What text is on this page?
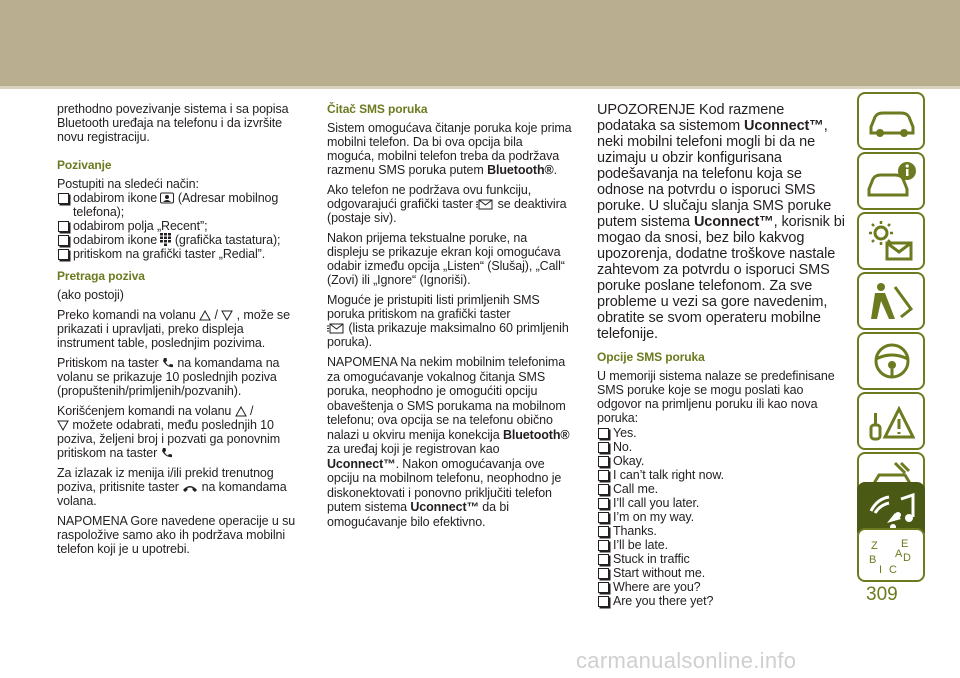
prethodno povezivanje sistema i sa popisa Bluetooth uređaja na telefonu i da izvršite novu registraciju.

Pozivanje

Postupiti na sledeći način:

odabirom ikone (Adresar mobilnog telefona);
odabirom polja „Recent”;
odabirom ikone (grafička tastatura);
pritiskom na grafički taster „Redial”.
Pretraga poziva

(ako postoji)

Preko komandi na volanu / , može se prikazati i upravljati, preko displeja instrument table, poslednjim pozivima.

Pritiskom na taster na komandama na volanu se prikazuje 10 poslednjih poziva (propuštenih/primljenih/pozvanih).

Korišćenjem komandi na volanu /
možete odabrati, među poslednjih 10 poziva, željeni broj i pozvati ga ponovnim pritiskom na taster

Za izlazak iz menija i/ili prekid trenutnog poziva, pritisnite taster na komandama volana.

NAPOMENA Gore navedene operacije u su raspoložive samo ako ih podržava mobilni telefon koji je u upotrebi.

Čitač SMS poruka

Sistem omogućava čitanje poruka koje prima mobilni telefon. Da bi ova opcija bila moguća, mobilni telefon treba da podržava razmenu SMS poruka putem Bluetooth®.

Ako telefon ne podržava ovu funkciju, odgovarajući grafički taster se deaktivira (postaje siv).

Nakon prijema tekstualne poruke, na displeju se prikazuje ekran koji omogućava odabir između opcija „Listen“ (Slušaj), „Call“ (Zovi) ili „Ignore“ (Ignoriši).

Moguće je pristupiti listi primljenih SMS poruka pritiskom na grafički taster
(lista prikazuje maksimalno 60 primljenih poruka).

NAPOMENA Na nekim mobilnim telefonima za omogućavanje vokalnog čitanja SMS poruka, neophodno je omogućiti opciju obaveštenja o SMS porukama na mobilnom telefonu; ova opcija se na telefonu obično nalazi u okviru menija konekcija Bluetooth® za uređaj koji je registrovan kao Uconnect™. Nakon omogućavanja ove opciju na mobilnom telefonu, neophodno je diskonektovati i ponovno priključiti telefon putem sistema Uconnect™ da bi omogućavanje bilo efektivno.

UPOZORENJE Kod razmene podataka sa sistemom Uconnect™, neki mobilni telefoni mogli bi da ne uzimaju u obzir konfigurisana podešavanja na telefonu koja se odnose na potvrdu o isporuci SMS poruke. U slučaju slanja SMS poruke putem sistema Uconnect™, korisnik bi mogao da snosi, bez bilo kakvog upozorenja, dodatne troškove nastale zahtevom za potvrdu o isporuci SMS poruke poslane telefonom. Za sve probleme u vezi sa gore navedenim, obratite se svom operateru mobilne telefonije.

Opcije SMS poruka

U memoriji sistema nalaze se predefinisane SMS poruke koje se mogu poslati kao odgovor na primljenu poruku ili kao nova poruka:

Yes.
No.
Okay.
I can’t talk right now.
Call me.
I’ll call you later.
I’m on my way.
Thanks.
I’ll be late.
Stuck in traffic
Start without me.
Where are you?
Are you there yet?
Z E
B D
I C
A
309
carmanualsonline.info
